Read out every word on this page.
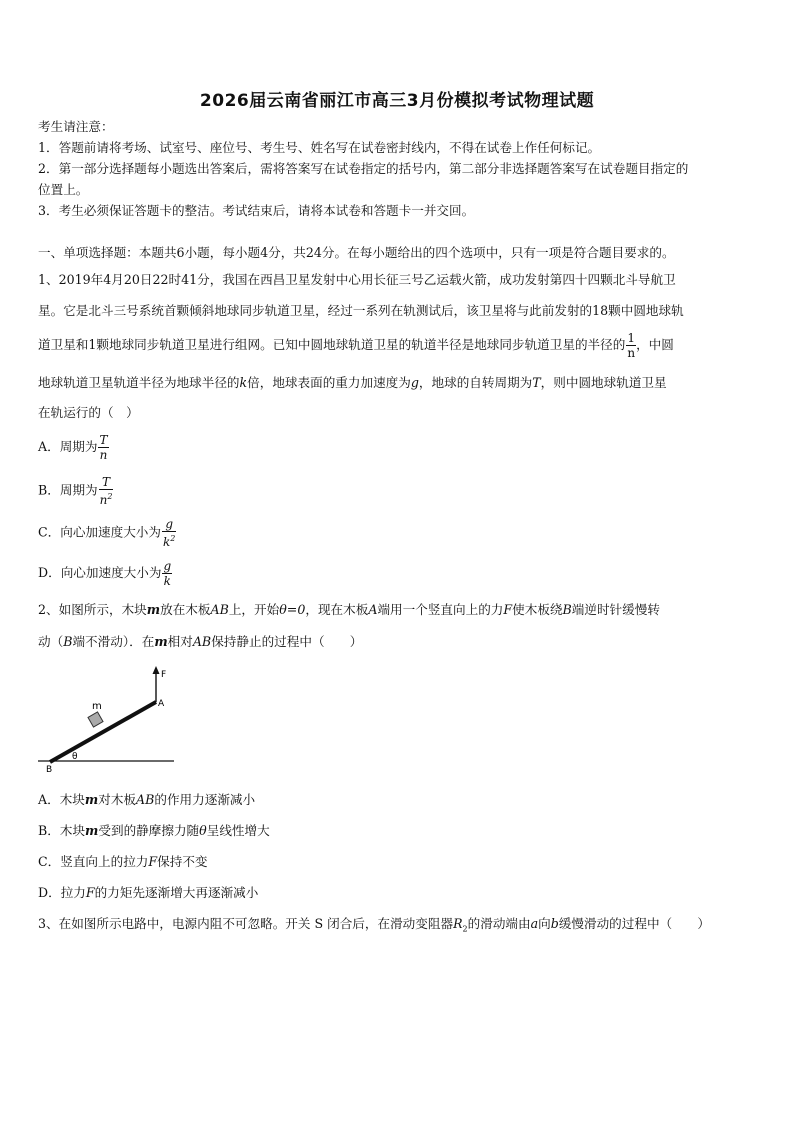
2026届云南省丽江市高三3月份模拟考试物理试题
考生请注意：
1．答题前请将考场、试室号、座位号、考生号、姓名写在试卷密封线内，不得在试卷上作任何标记。
2．第一部分选择题每小题选出答案后，需将答案写在试卷指定的括号内，第二部分非选择题答案写在试卷题目指定的
位置上。
3．考生必须保证答题卡的整洁。考试结束后，请将本试卷和答题卡一并交回。
一、单项选择题：本题共6小题，每小题4分，共24分。在每小题给出的四个选项中，只有一项是符合题目要求的。
1、2019年4月20日22时41分，我国在西昌卫星发射中心用长征三号乙运载火箭，成功发射第四十四颗北斗导航卫
星。它是北斗三号系统首颗倾斜地球同步轨道卫星，经过一系列在轨测试后，该卫星将与此前发射的18颗中圆地球轨
道卫星和1颗地球同步轨道卫星进行组网。已知中圆地球轨道卫星的轨道半径是地球同步轨道卫星的半径的 $\frac{1}{n}$ ，中圆
地球轨道卫星轨道半径为地球半径的k倍，地球表面的重力加速度为g，地球的自转周期为T，则中圆地球轨道卫星
在轨运行的（　）
A．周期为 $\frac{T}{n}$
B．周期为 $\frac{T}{n^2}$
C．向心加速度大小为 $\frac{g}{k^2}$
D．向心加速度大小为 $\frac{g}{k}$
2、如图所示，木块m放在木板AB上，开始θ=0，现在木板A端用一个竖直向上的力F使木板绕B端逆时针缓慢转
动（B端不滑动）．在m相对AB保持静止的过程中（　　）
F
A
m
B
θ
A．木块m对木板AB的作用力逐渐减小
B．木块m受到的静摩擦力随θ呈线性增大
C．竖直向上的拉力F保持不变
D．拉力F的力矩先逐渐增大再逐渐减小
3、在如图所示电路中，电源内阻不可忽略。开关 S 闭合后，在滑动变阻器$R_2$的滑动端由a向b缓慢滑动的过程中（　　）
